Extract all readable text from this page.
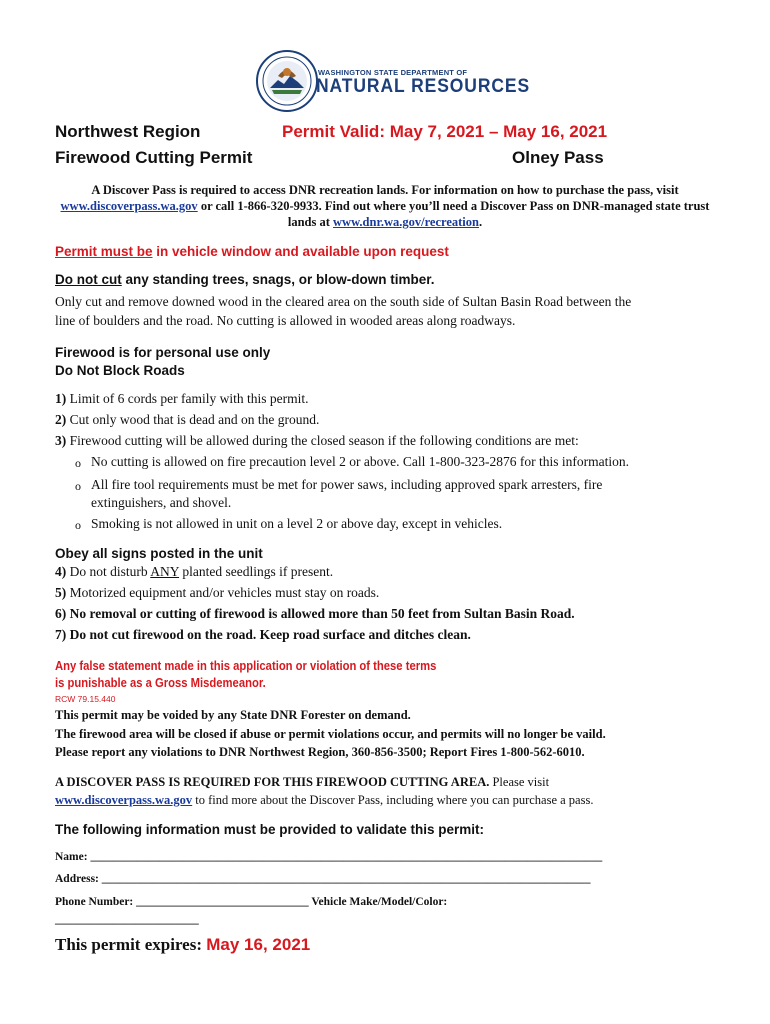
WASHINGTON STATE DEPARTMENT OF
NATURAL RESOURCES
Northwest Region	Permit Valid: May 7, 2021 – May 16, 2021
Firewood Cutting Permit	Olney Pass
A Discover Pass is required to access DNR recreation lands. For information on how to purchase the pass, visit www.discoverpass.wa.gov or call 1-866-320-9933. Find out where you’ll need a Discover Pass on DNR-managed state trust lands at www.dnr.wa.gov/recreation.
Permit must be in vehicle window and available upon request
Do not cut any standing trees, snags, or blow-down timber.
Only cut and remove downed wood in the cleared area on the south side of Sultan Basin Road between the
line of boulders and the road. No cutting is allowed in wooded areas along roadways.
Firewood is for personal use only
Do Not Block Roads
1) Limit of 6 cords per family with this permit.
2) Cut only wood that is dead and on the ground.
3) Firewood cutting will be allowed during the closed season if the following conditions are met:
o No cutting is allowed on fire precaution level 2 or above. Call 1-800-323-2876 for this information.
o All fire tool requirements must be met for power saws, including approved spark arresters, fire
extinguishers, and shovel.
o Smoking is not allowed in unit on a level 2 or above day, except in vehicles.
Obey all signs posted in the unit
4) Do not disturb ANY planted seedlings if present.
5) Motorized equipment and/or vehicles must stay on roads.
6) No removal or cutting of firewood is allowed more than 50 feet from Sultan Basin Road.
7) Do not cut firewood on the road. Keep road surface and ditches clean.
Any false statement made in this application or violation of these terms
is punishable as a Gross Misdemeanor.
RCW 79.15.440
This permit may be voided by any State DNR Forester on demand.
The firewood area will be closed if abuse or permit violations occur, and permits will no longer be vaild.
Please report any violations to DNR Northwest Region, 360-856-3500; Report Fires 1-800-562-6010.
A DISCOVER PASS IS REQUIRED FOR THIS FIREWOOD CUTTING AREA. Please visit
www.discoverpass.wa.gov to find more about the Discover Pass, including where you can purchase a pass.
The following information must be provided to validate this permit:
Name: _________________________________________________________________________________________
Address: _____________________________________________________________________________________
Phone Number: ______________________________ Vehicle Make/Model/Color:
_________________________
This permit expires: May 16, 2021
